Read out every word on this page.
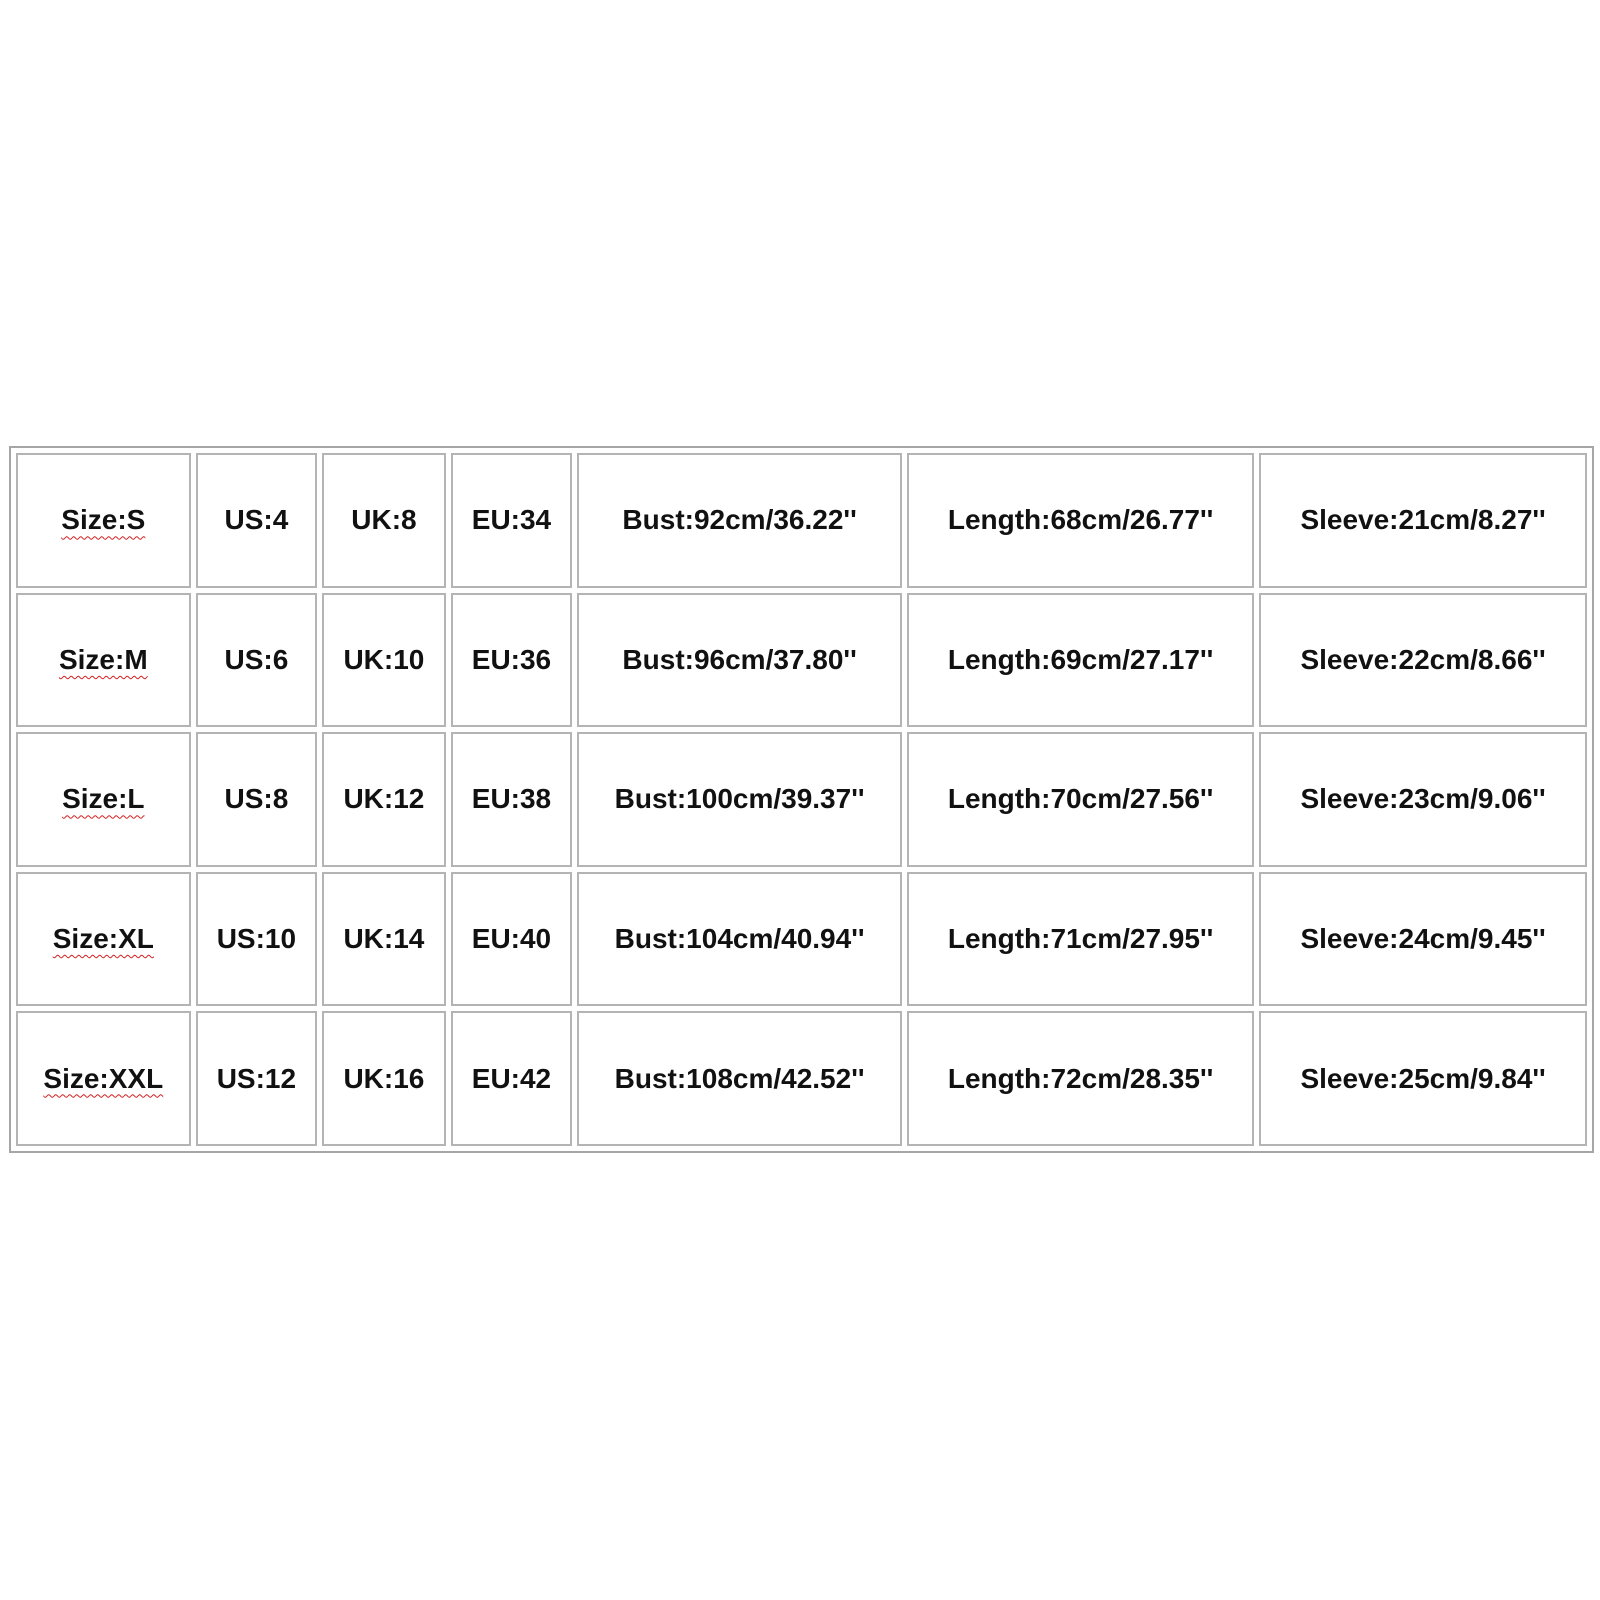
Size:S	US:4	UK:8	EU:34	Bust:92cm/36.22''	Length:68cm/26.77''	Sleeve:21cm/8.27''
Size:M	US:6	UK:10	EU:36	Bust:96cm/37.80''	Length:69cm/27.17''	Sleeve:22cm/8.66''
Size:L	US:8	UK:12	EU:38	Bust:100cm/39.37''	Length:70cm/27.56''	Sleeve:23cm/9.06''
Size:XL	US:10	UK:14	EU:40	Bust:104cm/40.94''	Length:71cm/27.95''	Sleeve:24cm/9.45''
Size:XXL	US:12	UK:16	EU:42	Bust:108cm/42.52''	Length:72cm/28.35''	Sleeve:25cm/9.84''
